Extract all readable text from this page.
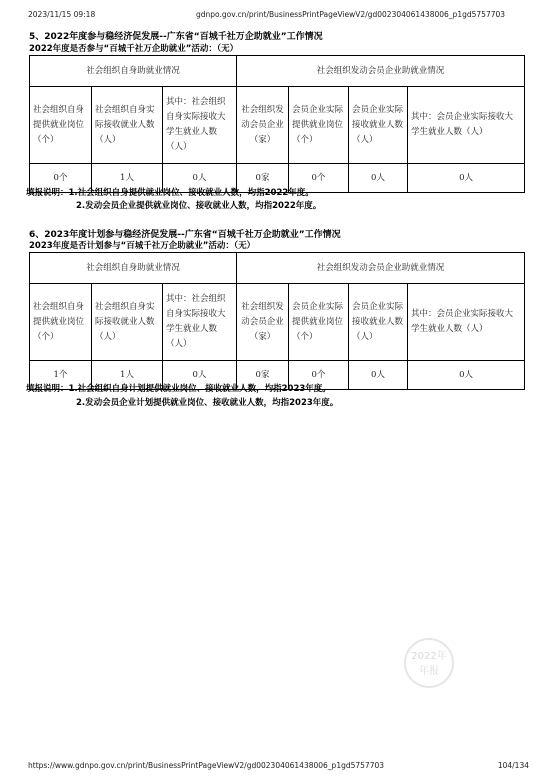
2023/11/15 09:18	gdnpo.gov.cn/print/BusinessPrintPageViewV2/gd002304061438006_p1gd5757703
5、2022年度参与稳经济促发展--广东省“百城千社万企助就业”工作情况
2022年度是否参与“百城千社万企助就业”活动：（无）
社会组织自身助就业情况			社会组织发动会员企业助就业情况			
社会组织自身提供就业岗位（个）	社会组织自身实际接收就业人数（人）	其中：社会组织自身实际接收大学生就业人数（人）	社会组织发动会员企业（家）	会员企业实际提供就业岗位（个）	会员企业实际接收就业人数（人）	其中：会员企业实际接收大学生就业人数（人）
0个	1人	0人	0家	0个	0人	0人
填报说明：1.社会组织自身提供就业岗位、接收就业人数，均指2022年度。
2.发动会员企业提供就业岗位、接收就业人数，均指2022年度。
6、2023年度计划参与稳经济促发展--广东省“百城千社万企助就业”工作情况
2023年度是否计划参与“百城千社万企助就业”活动：（无）
社会组织自身助就业情况			社会组织发动会员企业助就业情况			
社会组织自身提供就业岗位（个）	社会组织自身实际接收就业人数（人）	其中：社会组织自身实际接收大学生就业人数（人）	社会组织发动会员企业（家）	会员企业实际提供就业岗位（个）	会员企业实际接收就业人数（人）	其中：会员企业实际接收大学生就业人数（人）
1个	1人	0人	0家	0个	0人	0人
填报说明：1.社会组织自身计划提供就业岗位、接收就业人数，均指2023年度。
2.发动会员企业计划提供就业岗位、接收就业人数，均指2023年度。
2022年
年报
https://www.gdnpo.gov.cn/print/BusinessPrintPageViewV2/gd002304061438006_p1gd5757703	104/134
